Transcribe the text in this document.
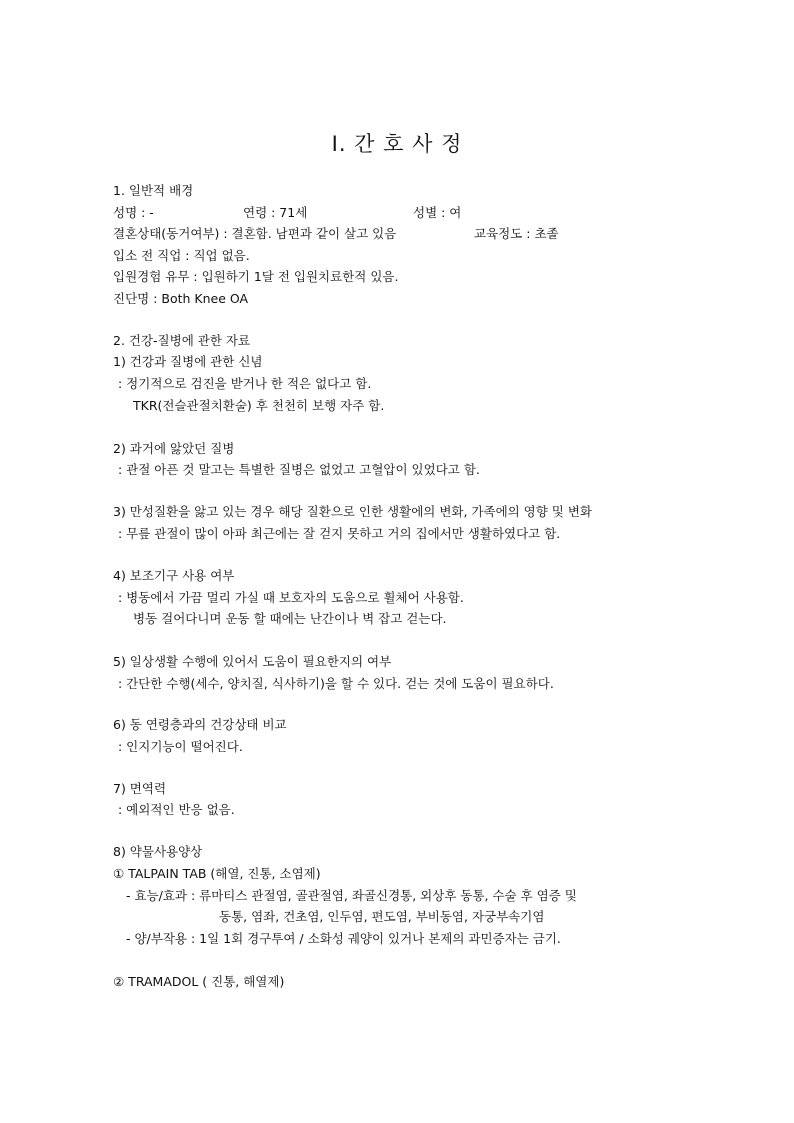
Ⅰ. 간 호 사 정
1. 일반적 배경
성명 : -	연령 : 71세	성별 : 여
결혼상태(동거여부) : 결혼함. 남편과 같이 살고 있음	교육정도 : 초졸
입소 전 직업 : 직업 없음.
입원경험 유무 : 입원하기 1달 전 입원치료한적 있음.
진단명 : Both Knee OA
2. 건강-질병에 관한 자료
1) 건강과 질병에 관한 신념
: 정기적으로 검진을 받거나 한 적은 없다고 함.
TKR(전슬관절치환술) 후 천천히 보행 자주 함.
2) 과거에 앓았던 질병
: 관절 아픈 것 말고는 특별한 질병은 없었고 고혈압이 있었다고 함.
3) 만성질환을 앓고 있는 경우 해당 질환으로 인한 생활에의 변화, 가족에의 영향 및 변화
: 무릎 관절이 많이 아파 최근에는 잘 걷지 못하고 거의 집에서만 생활하였다고 함.
4) 보조기구 사용 여부
: 병동에서 가끔 멀리 가실 때 보호자의 도움으로 휠체어 사용함.
병동 걸어다니며 운동 할 때에는 난간이나 벽 잡고 걷는다.
5) 일상생활 수행에 있어서 도움이 필요한지의 여부
: 간단한 수행(세수, 양치질, 식사하기)을 할 수 있다. 걷는 것에 도움이 필요하다.
6) 동 연령층과의 건강상태 비교
: 인지기능이 떨어진다.
7) 면역력
: 예외적인 반응 없음.
8) 약물사용양상
① TALPAIN TAB (해열, 진통, 소염제)
- 효능/효과 : 류마티스 관절염, 골관절염, 좌골신경통, 외상후 동통, 수술 후 염증 및
동통, 염좌, 건초염, 인두염, 편도염, 부비동염, 자궁부속기염
- 양/부작용 : 1일 1회 경구투여 / 소화성 궤양이 있거나 본제의 과민증자는 금기.
② TRAMADOL ( 진통, 해열제)
